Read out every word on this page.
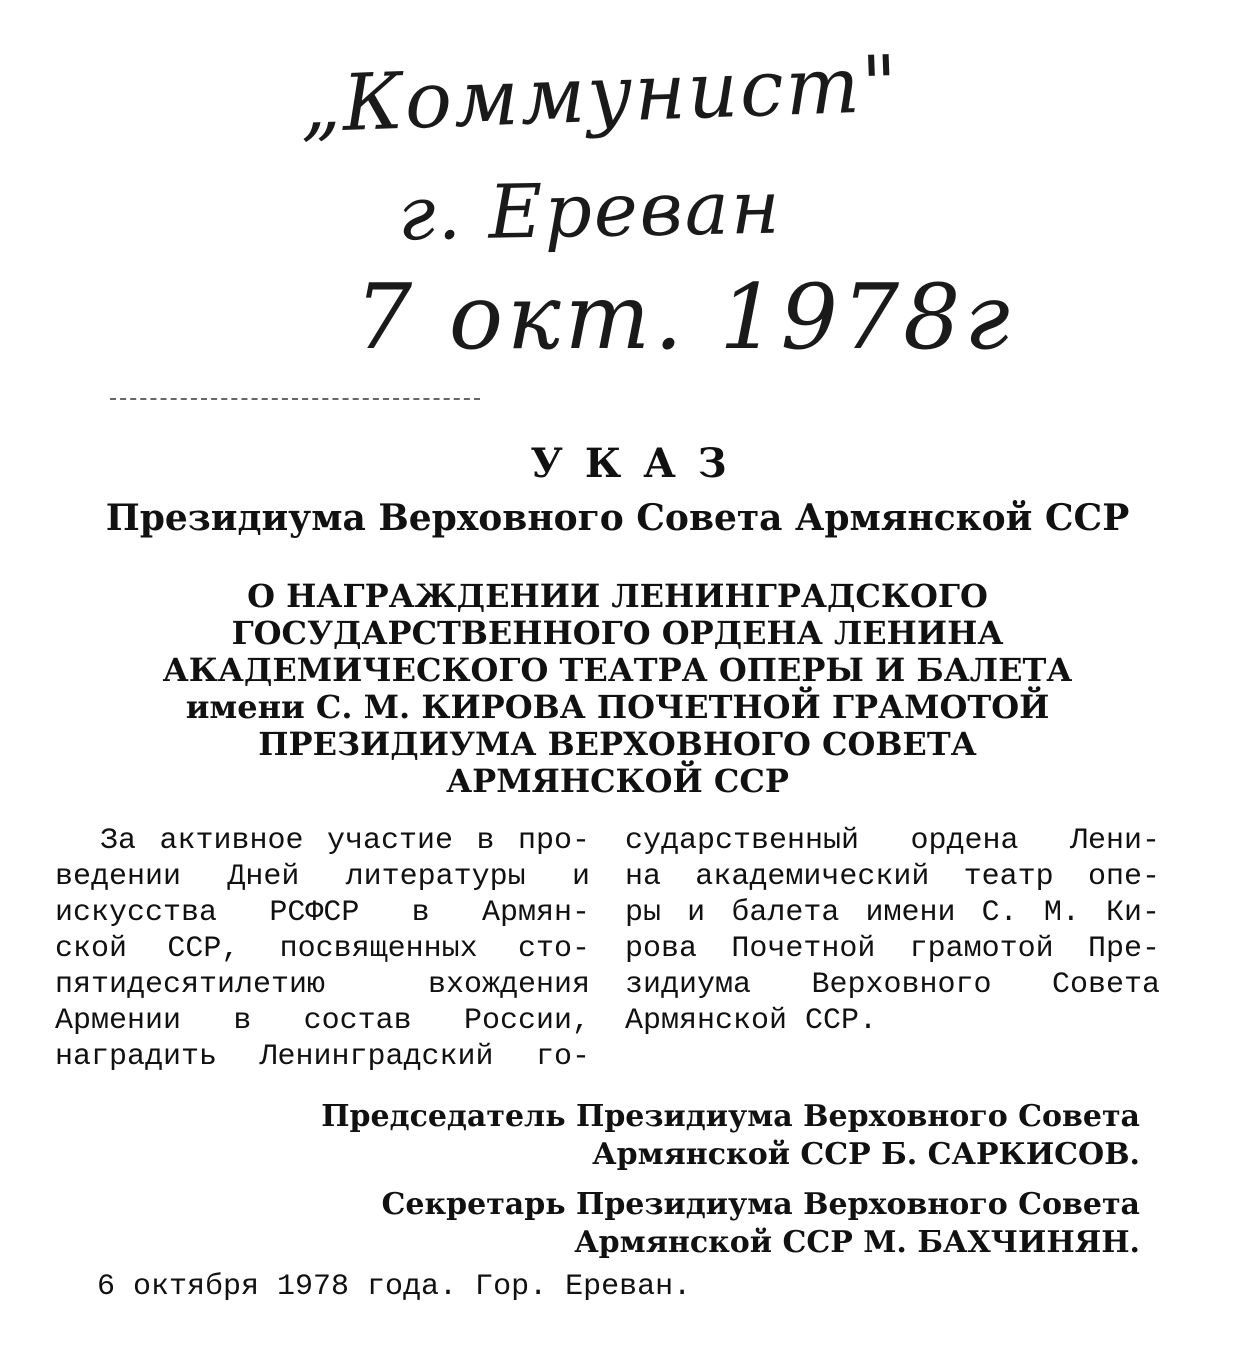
„Коммунист"
г. Ереван
7 окт. 1978г
УКАЗ
Президиума Верховного Совета Армянской ССР
О НАГРАЖДЕНИИ ЛЕНИНГРАДСКОГО
ГОСУДАРСТВЕННОГО ОРДЕНА ЛЕНИНА
АКАДЕМИЧЕСКОГО ТЕАТРА ОПЕРЫ И БАЛЕТА
имени С. М. КИРОВА ПОЧЕТНОЙ ГРАМОТОЙ
ПРЕЗИДИУМА ВЕРХОВНОГО СОВЕТА
АРМЯНСКОЙ ССР
За активное участие в про-
ведении Дней литературы и
искусства РСФСР в Армян-
ской ССР, посвященных сто-
пятидесятилетию вхождения
Армении в состав России,
наградить Ленинградский го-
сударственный ордена Лени-
на академический театр опе-
ры и балета имени С. М. Ки-
рова Почетной грамотой Пре-
зидиума Верховного Совета
Армянской ССР.
Председатель Президиума Верховного Совета
Армянской ССР Б. САРКИСОВ.
Секретарь Президиума Верховного Совета
Армянской ССР М. БАХЧИНЯН.
6 октября 1978 года. Гор. Ереван.
